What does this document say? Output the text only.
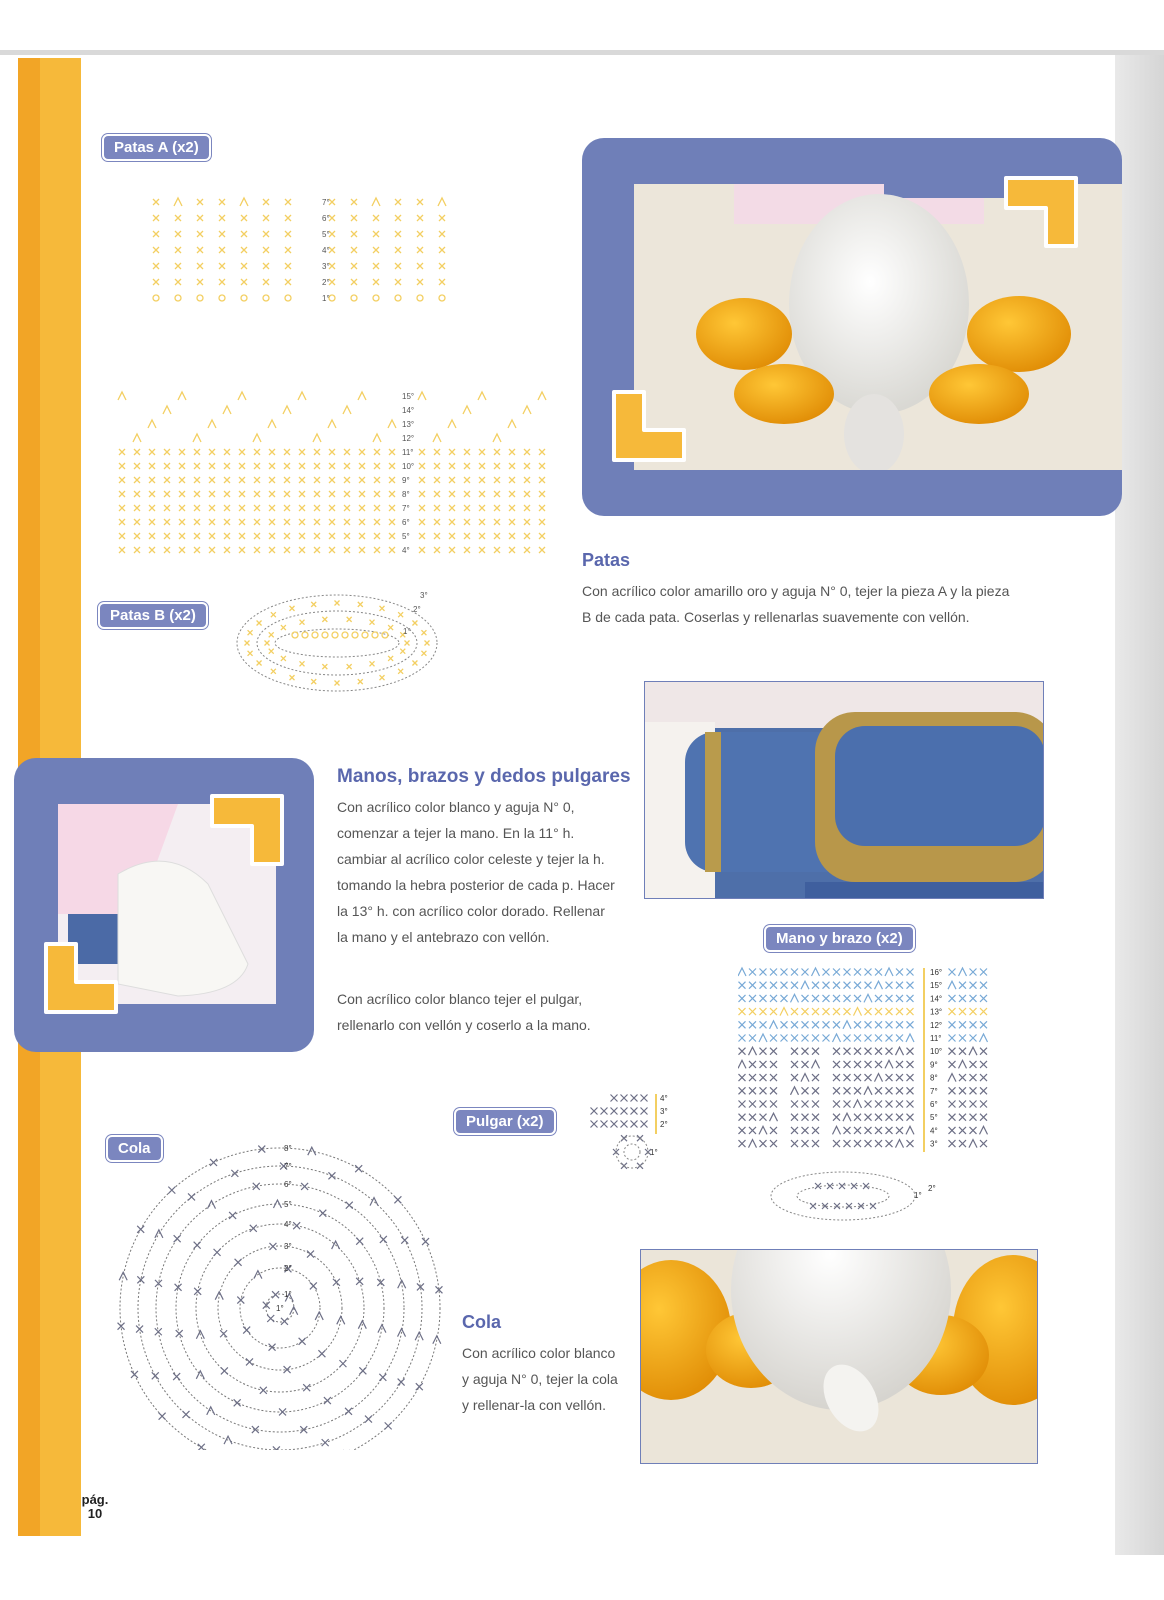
Patas A (x2)
7°
6°
5°
4°
3°
2°
1°
15°
14°
13°
12°
11°
10°
9°
8°
7°
6°
5°
4°
Patas B (x2)
3°
2°
1°
Patas
Con acrílico color amarillo oro y aguja N° 0, tejer la pieza A y la pieza B de cada pata. Coserlas y rellenarlas suavemente con vellón.
Mano y brazo (x2)
16°
15°
14°
13°
12°
11°
10°
9°
8°
7°
6°
5°
4°
3°
2°
1°
Manos, brazos y dedos pulgares
Con acrílico color blanco y aguja N° 0, comenzar a tejer la mano. En la 11° h. cambiar al acrílico color celeste y tejer la h. tomando la hebra posterior de cada p. Hacer la 13° h. con acrílico color dorado. Rellenar la mano y el antebrazo con vellón.
Con acrílico color blanco tejer el pulgar, rellenarlo con vellón y coserlo a la mano.
Pulgar (x2)
4°
3°
2°
1°
Cola	8°
7°
6°
5°
4°
3°
2°
1°
1°
Cola
Con acrílico color blanco y aguja N° 0, tejer la cola y rellenar-la con vellón.
pág.
10
